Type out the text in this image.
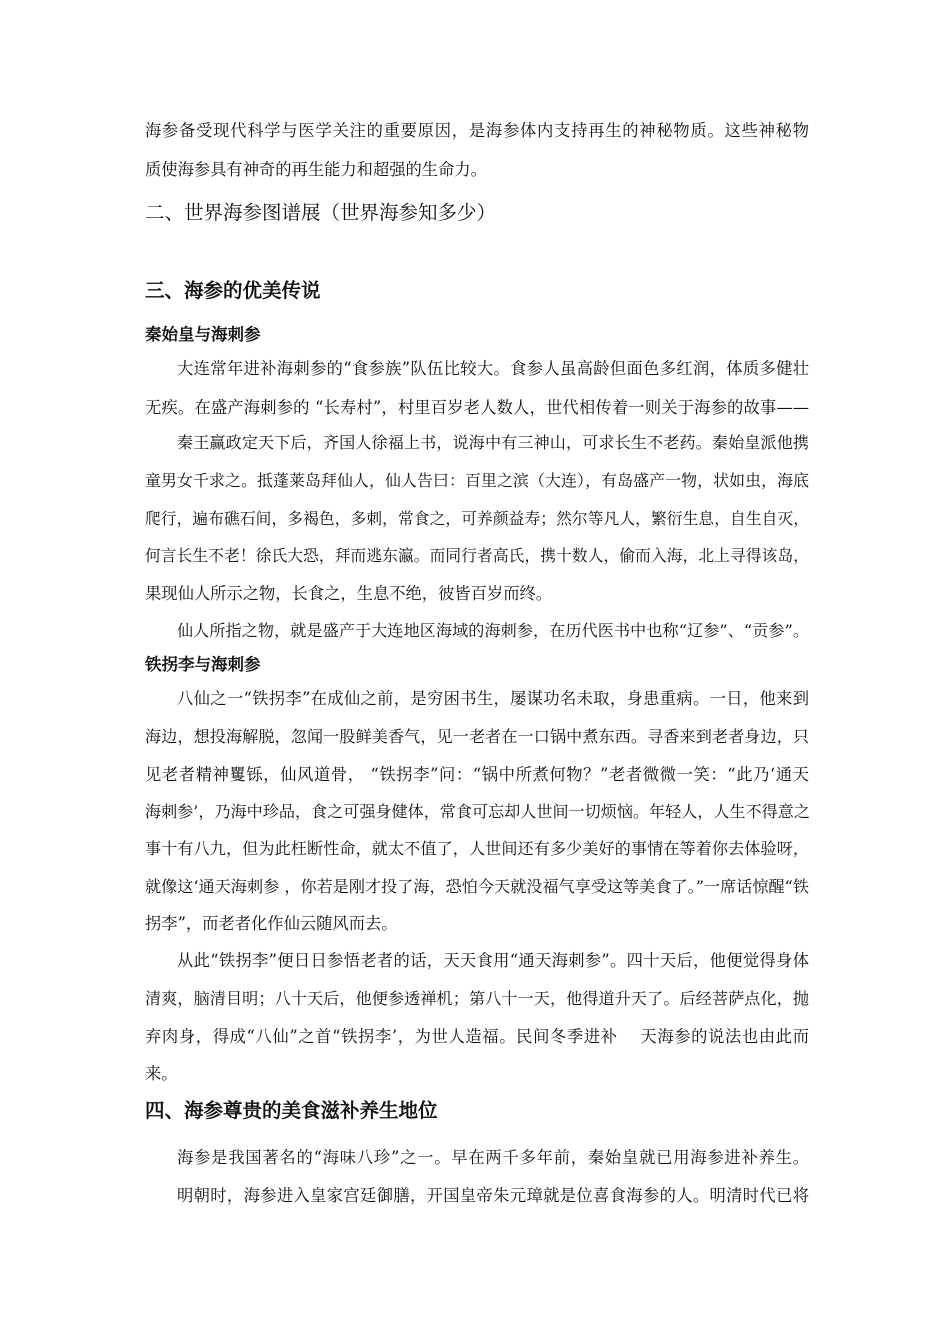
海参备受现代科学与医学关注的重要原因，是海参体内支持再生的神秘物质。这些神秘物
质使海参具有神奇的再生能力和超强的生命力。
二、世界海参图谱展（世界海参知多少）
三、海参的优美传说
秦始皇与海刺参
大连常年进补海刺参的“食参族”队伍比较大。食参人虽高龄但面色多红润，体质多健壮
无疾。在盛产海刺参的 “长寿村”，村里百岁老人数人，世代相传着一则关于海参的故事——
秦王赢政定天下后，齐国人徐福上书，说海中有三神山，可求长生不老药。秦始皇派他携
童男女千求之。抵蓬莱岛拜仙人，仙人告曰：百里之滨（大连），有岛盛产一物，状如虫，海底
爬行，遍布礁石间，多褐色，多刺，常食之，可养颜益寿；然尔等凡人，繁衍生息，自生自灭，
何言长生不老！徐氏大恐，拜而逃东瀛。而同行者高氏，携十数人，偷而入海，北上寻得该岛，
果现仙人所示之物，长食之，生息不绝，彼皆百岁而终。
仙人所指之物，就是盛产于大连地区海域的海刺参，在历代医书中也称“辽参”、“贡参”。
铁拐李与海刺参
八仙之一“铁拐李”在成仙之前，是穷困书生，屡谋功名未取，身患重病。一日，他来到
海边，想投海解脱，忽闻一股鲜美香气，见一老者在一口锅中煮东西。寻香来到老者身边，只
见老者精神矍铄，仙风道骨， “铁拐李”问：“锅中所煮何物？”老者微微一笑：“此乃‘通天
海刺参’，乃海中珍品，食之可强身健体，常食可忘却人世间一切烦恼。年轻人，人生不得意之
事十有八九，但为此枉断性命，就太不值了，人世间还有多少美好的事情在等着你去体验呀，
就像这‘通天海刺参 ，你若是刚才投了海，恐怕今天就没福气享受这等美食了。”一席话惊醒“铁
拐李”，而老者化作仙云随风而去。
从此“铁拐李”便日日参悟老者的话，天天食用“通天海刺参”。四十天后，他便觉得身体
清爽，脑清目明；八十天后，他便参透禅机；第八十一天，他得道升天了。后经菩萨点化，抛
弃肉身，得成“八仙”之首“铁拐李’，为世人造福。民间冬季进补　 天海参的说法也由此而
来。
四、海参尊贵的美食滋补养生地位
海参是我国著名的“海味八珍”之一。早在两千多年前，秦始皇就已用海参进补养生。
明朝时，海参进入皇家宫廷御膳，开国皇帝朱元璋就是位喜食海参的人。明清时代已将
